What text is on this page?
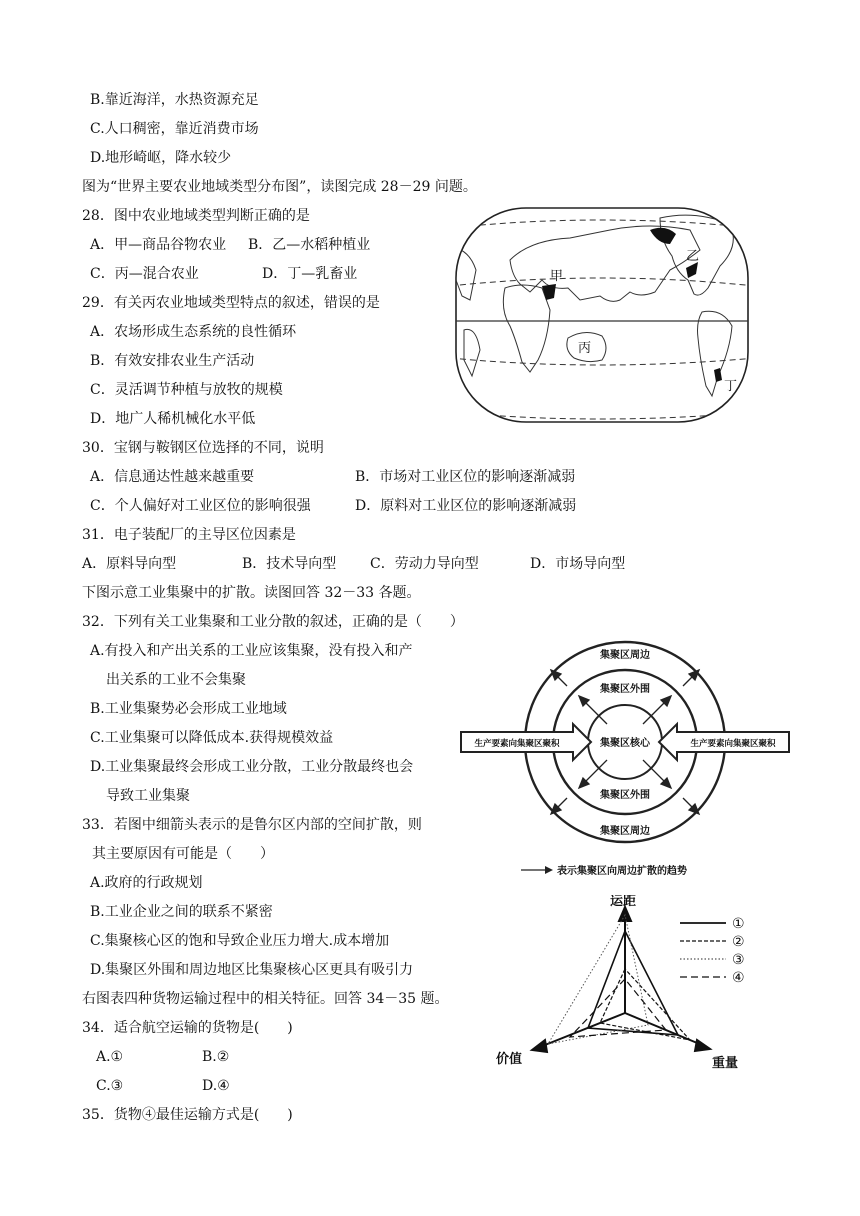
B.靠近海洋，水热资源充足
C.人口稠密，靠近消费市场
D.地形崎岖，降水较少
图为“世界主要农业地域类型分布图”，读图完成 28－29 问题。
28．图中农业地域类型判断正确的是
A．甲—商品谷物农业 B．乙—水稻种植业
C．丙—混合农业	D．丁—乳畜业
29．有关丙农业地域类型特点的叙述，错误的是
A．农场形成生态系统的良性循环
B．有效安排农业生产活动
C．灵活调节种植与放牧的规模
D．地广人稀机械化水平低
30．宝钢与鞍钢区位选择的不同，说明
A．信息通达性越来越重要	B．市场对工业区位的影响逐渐减弱
C．个人偏好对工业区位的影响很强	D．原料对工业区位的影响逐渐减弱
31．电子装配厂的主导区位因素是
A．原料导向型	B．技术导向型 C．劳动力导向型	D．市场导向型
下图示意工业集聚中的扩散。读图回答 32－33 各题。
32．下列有关工业集聚和工业分散的叙述，正确的是（　　）
A.有投入和产出关系的工业应该集聚，没有投入和产
出关系的工业不会集聚
B.工业集聚势必会形成工业地域
C.工业集聚可以降低成本.获得规模效益
D.工业集聚最终会形成工业分散，工业分散最终也会
导致工业集聚
33．若图中细箭头表示的是鲁尔区内部的空间扩散，则
其主要原因有可能是（　　）
A.政府的行政规划
B.工业企业之间的联系不紧密
C.集聚核心区的饱和导致企业压力增大.成本增加
D.集聚区外围和周边地区比集聚核心区更具有吸引力
右图表四种货物运输过程中的相关特征。回答 34－35 题。
34．适合航空运输的货物是(　　)
A.①	B.②
C.③	D.④
35．货物④最佳运输方式是(　　)
甲
乙
丙
丁
集聚区周边
集聚区外围
集聚区核心
集聚区外围
集聚区周边
生产要素向集聚区聚积	生产要素向集聚区聚积
表示集聚区向周边扩散的趋势
运距
价值	重量
①
②
③
④
